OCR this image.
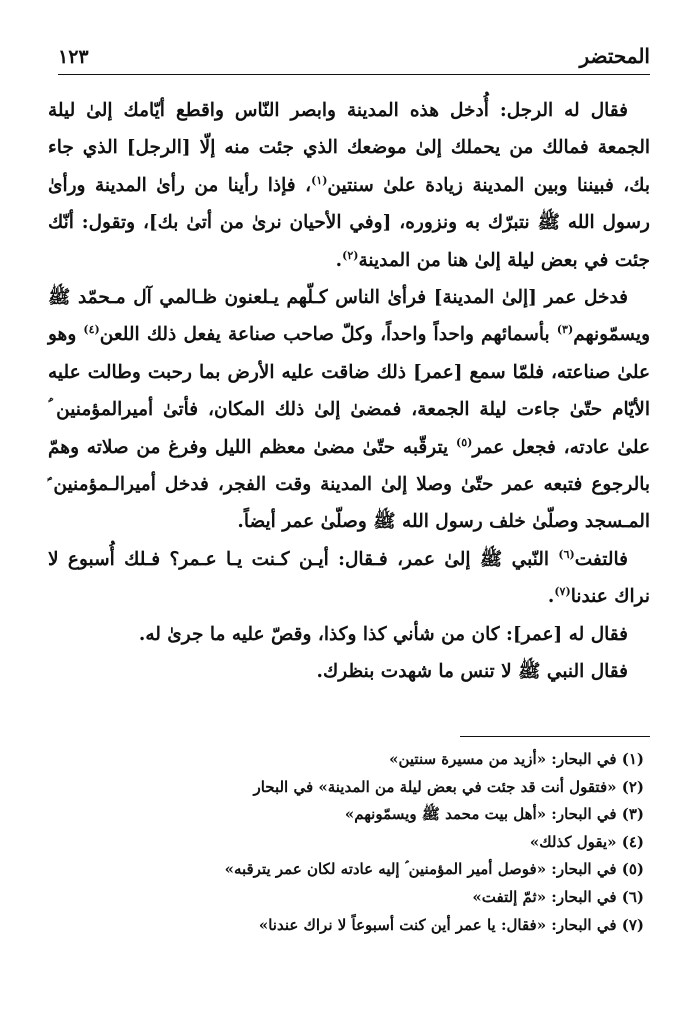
المحتضر
١٢٣

فقال له الرجل: أُدخل هذه المدينة وابصر النّاس واقطع أيّامك إلىٰ ليلة الجمعة فمالك من يحملك إلىٰ موضعك الذي جئت منه إلّا [الرجل] الذي جاء بك، فبيننا وبين المدينة زيادة علىٰ سنتين$^{(١)}$، فإذا رأينا من رأىٰ المدينة ورأىٰ رسول الله ﷺ نتبرّك به ونزوره، [وفي الأحيان نرىٰ من أتىٰ بك]، وتقول: أنّك جئت في بعض ليلة إلىٰ هنا من المدينة$^{(٢)}$.

فدخل عمر [إلىٰ المدينة] فرأىٰ الناس كـلّهم يـلعنون ظـالمي آل مـحمّد ﷺ ويسمّونهم$^{(٣)}$ بأسمائهم واحداً واحداً، وكلّ صاحب صناعة يفعل ذلك اللعن$^{(٤)}$ وهو علىٰ صناعته، فلمّا سمع [عمر] ذلك ضاقت عليه الأرض بما رحبت وطالت عليه الأيّام حتّىٰ جاءت ليلة الجمعة، فمضىٰ إلىٰ ذلك المكان، فأتىٰ أميرالمؤمنين ؑ علىٰ عادته، فجعل عمر$^{(٥)}$ يترقّبه حتّىٰ مضىٰ معظم الليل وفرغ من صلاته وهمّ بالرجوع فتبعه عمر حتّىٰ وصلا إلىٰ المدينة وقت الفجر، فدخل أميرالـمؤمنين ؑ المـسجد وصلّىٰ خلف رسول الله ﷺ وصلّىٰ عمر أيضاً.

فالتفت$^{(٦)}$ النّبي ﷺ إلىٰ عمر، فـقال: أيـن كـنت يـا عـمر؟ فـلك أُسبوع لا نراك عندنا$^{(٧)}$.

فقال له [عمر]: كان من شأني كذا وكذا، وقصّ عليه ما جرىٰ له.

فقال النبي ﷺ لا تنس ما شهدت بنظرك.

(١) في البحار: «أزيد من مسيرة سنتين»

(٢) «فتقول أنت قد جئت في بعض ليلة من المدينة» في البحار

(٣) في البحار: «أهل بيت محمد ﷺ ويسمّونهم»

(٤) «يقول كذلك»

(٥) في البحار: «فوصل أمير المؤمنين ؑ إليه عادته لكان عمر يترقبه»

(٦) في البحار: «ثمّ إلتفت»

(٧) في البحار: «فقال: يا عمر أين كنت أسبوعاً لا نراك عندنا»
